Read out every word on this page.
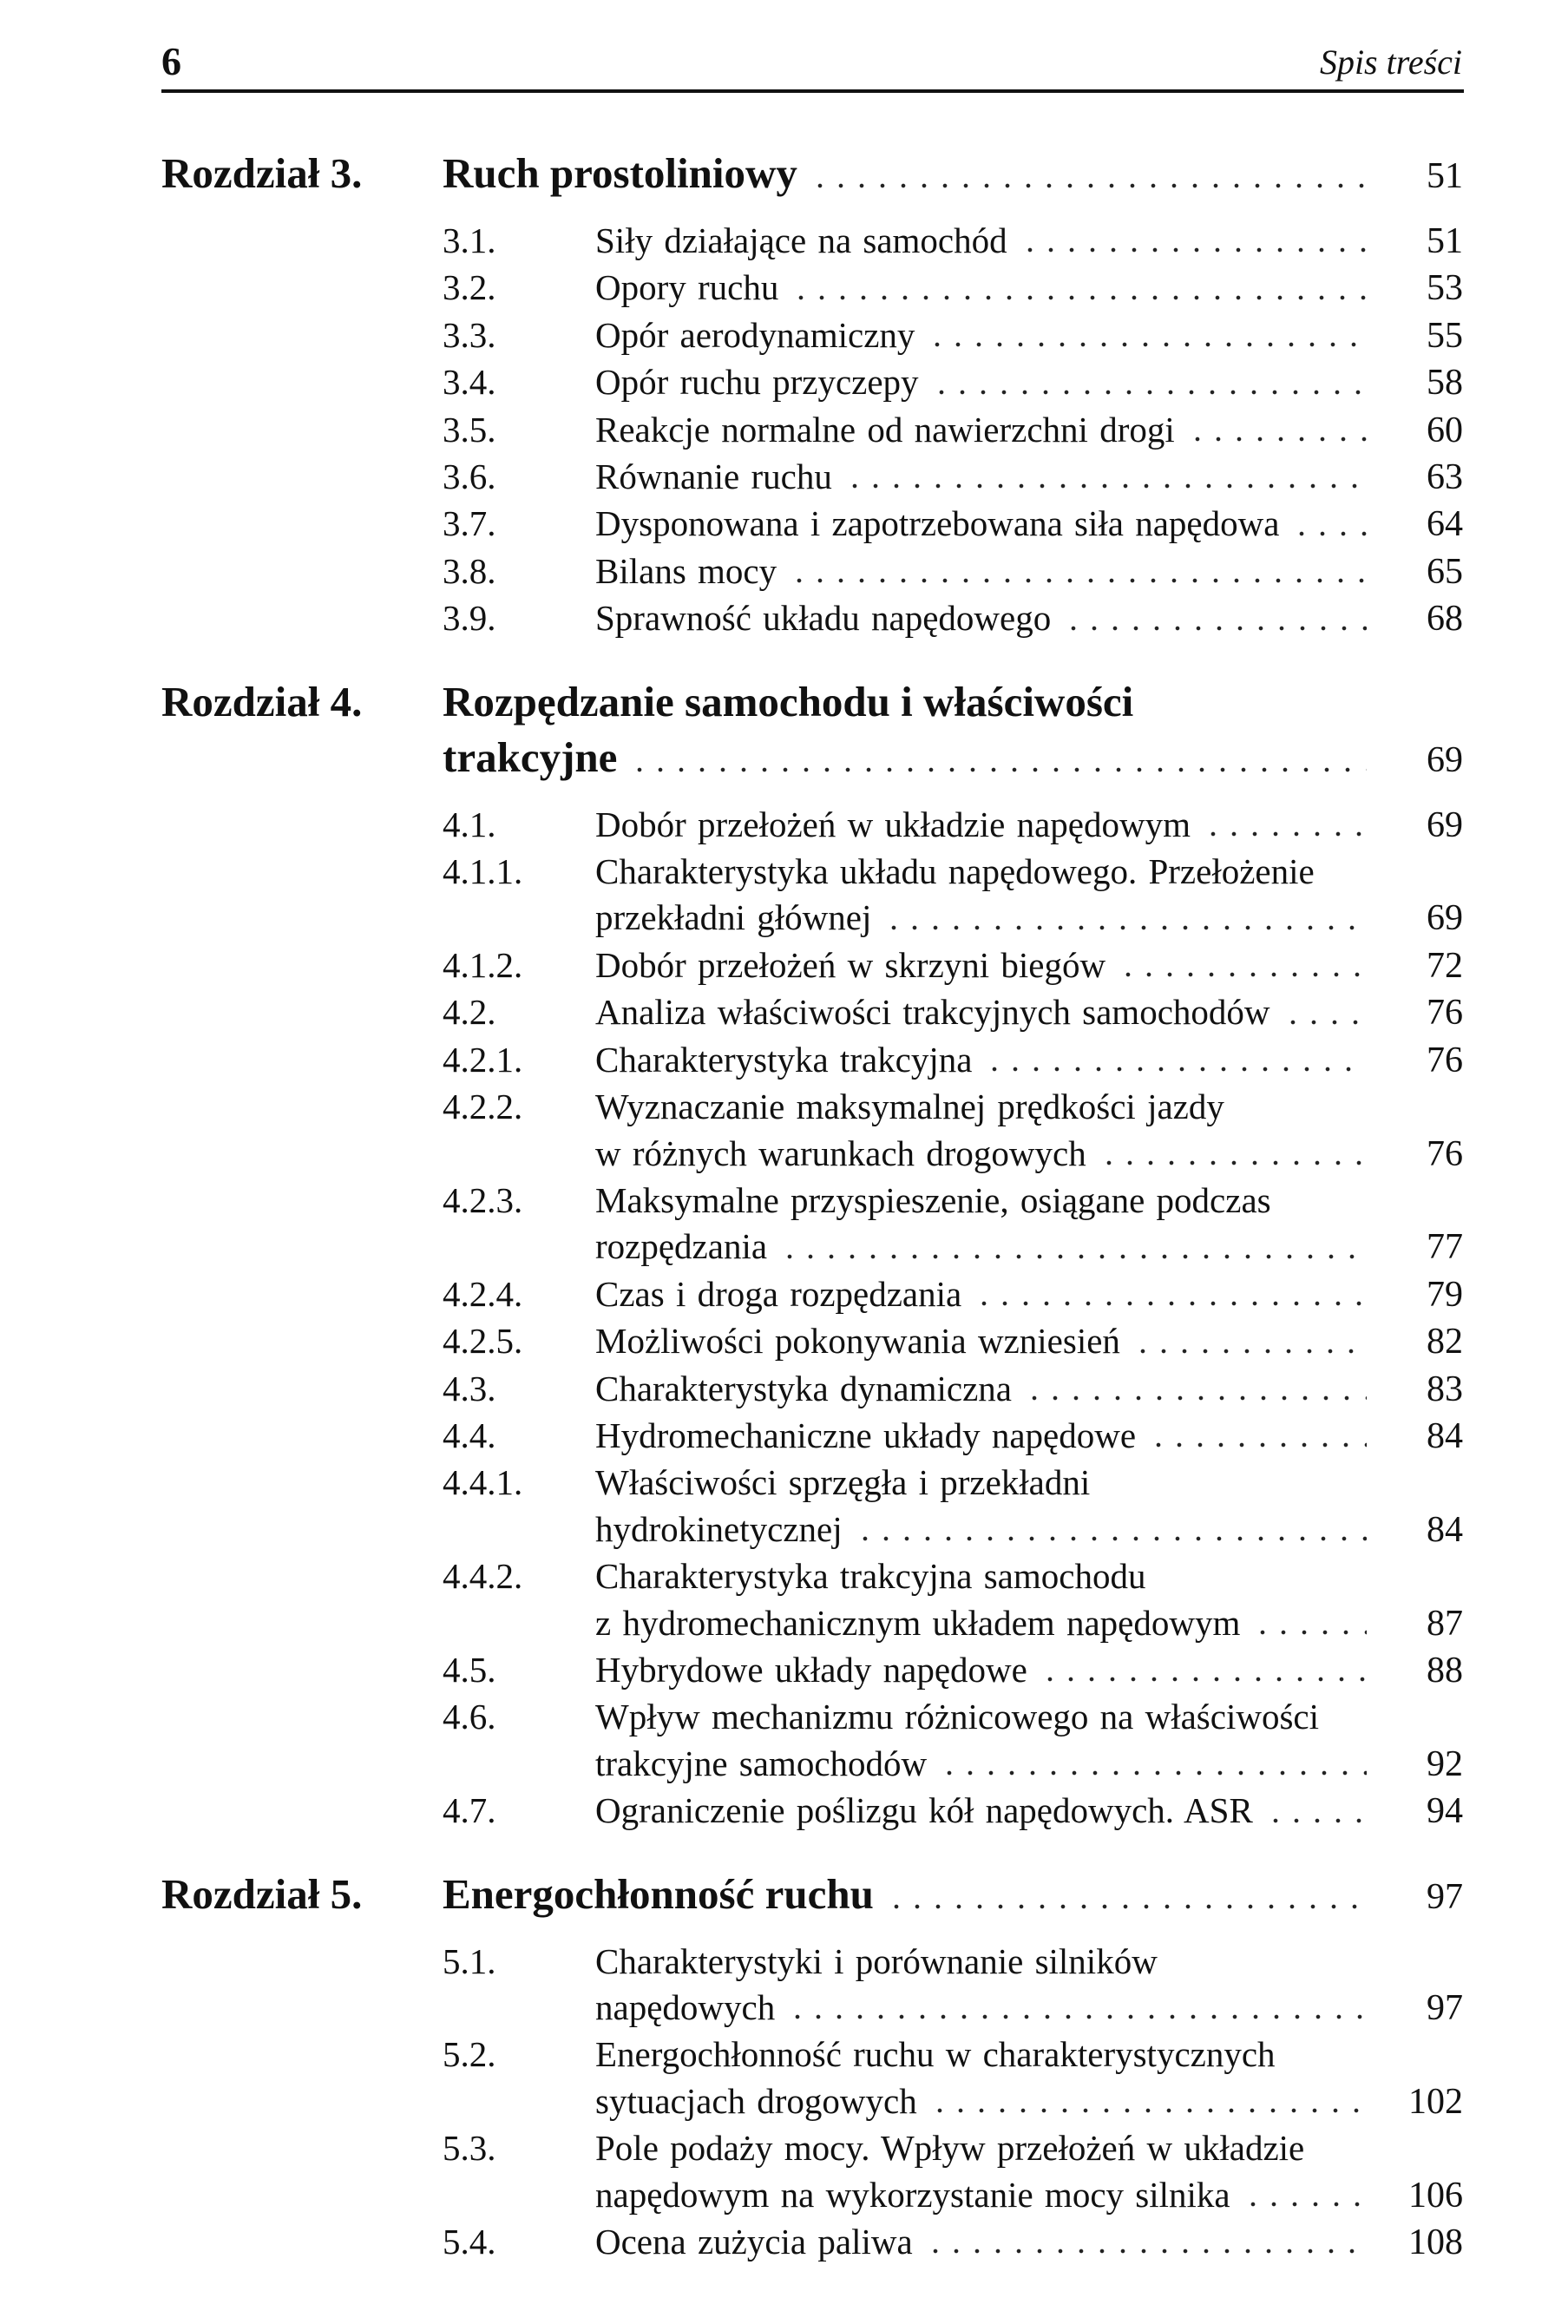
6	Spis treści
Rozdział 3.	Ruch prostoliniowy	51
3.1.	Siły działające na samochód	51
3.2.	Opory ruchu	53
3.3.	Opór aerodynamiczny	55
3.4.	Opór ruchu przyczepy	58
3.5.	Reakcje normalne od nawierzchni drogi	60
3.6.	Równanie ruchu	63
3.7.	Dysponowana i zapotrzebowana siła napędowa	64
3.8.	Bilans mocy	65
3.9.	Sprawność układu napędowego	68
Rozdział 4.	Rozpędzanie samochodu i właściwości
trakcyjne	69
4.1.	Dobór przełożeń w układzie napędowym	69
4.1.1.	Charakterystyka układu napędowego. Przełożenie
przekładni głównej	69
4.1.2.	Dobór przełożeń w skrzyni biegów	72
4.2.	Analiza właściwości trakcyjnych samochodów	76
4.2.1.	Charakterystyka trakcyjna	76
4.2.2.	Wyznaczanie maksymalnej prędkości jazdy
w różnych warunkach drogowych	76
4.2.3.	Maksymalne przyspieszenie, osiągane podczas
rozpędzania	77
4.2.4.	Czas i droga rozpędzania	79
4.2.5.	Możliwości pokonywania wzniesień	82
4.3.	Charakterystyka dynamiczna	83
4.4.	Hydromechaniczne układy napędowe	84
4.4.1.	Właściwości sprzęgła i przekładni
hydrokinetycznej	84
4.4.2.	Charakterystyka trakcyjna samochodu
z hydromechanicznym układem napędowym	87
4.5.	Hybrydowe układy napędowe	88
4.6.	Wpływ mechanizmu różnicowego na właściwości
trakcyjne samochodów	92
4.7.	Ograniczenie poślizgu kół napędowych. ASR	94
Rozdział 5.	Energochłonność ruchu	97
5.1.	Charakterystyki i porównanie silników
napędowych	97
5.2.	Energochłonność ruchu w charakterystycznych
sytuacjach drogowych	102
5.3.	Pole podaży mocy. Wpływ przełożeń w układzie
napędowym na wykorzystanie mocy silnika	106
5.4.	Ocena zużycia paliwa	108
